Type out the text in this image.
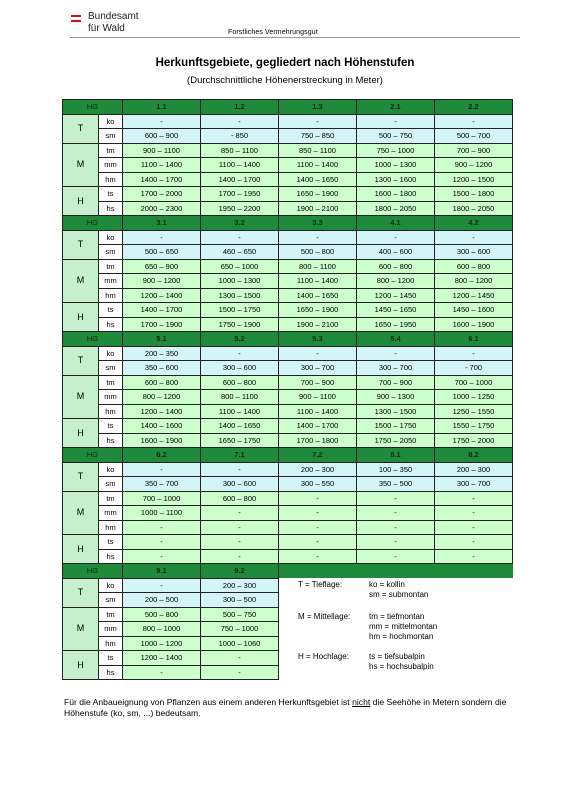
Bundesamt
für Wald	Forstliches Vermehrungsgut
Herkunftsgebiete, gegliedert nach Höhenstufen
(Durchschnittliche Höhenerstreckung in Meter)
HG		1.1	1.2	1.3	2.1	2.2
T	ko	-	-	-	-	-
	sm	600 – 900	- 850	750 – 850	500 – 750	500 – 700
M	tm	900 – 1100	850 – 1100	850 – 1100	750 – 1000	700 – 900
	mm	1100 – 1400	1100 – 1400	1100 – 1400	1000 – 1300	900 – 1200
	hm	1400 – 1700	1400 – 1700	1400 – 1650	1300 – 1600	1200 – 1500
H	ts	1700 – 2000	1700 – 1950	1650 – 1900	1600 – 1800	1500 – 1800
	hs	2000 – 2300	1950 – 2200	1900 – 2100	1800 – 2050	1800 – 2050
HG		3.1	3.2	3.3	4.1	4.2
T	ko	-	-	-	-	-
	sm	500 – 650	460 – 650	500 – 800	400 – 600	300 – 600
M	tm	650 – 900	650 – 1000	800 – 1100	600 – 800	600 – 800
	mm	900 – 1200	1000 – 1300	1100 – 1400	800 – 1200	800 – 1200
	hm	1200 – 1400	1300 – 1500	1400 – 1650	1200 – 1450	1200 – 1450
H	ts	1400 – 1700	1500 – 1750	1650 – 1900	1450 – 1650	1450 – 1600
	hs	1700 – 1900	1750 – 1900	1900 – 2100	1650 – 1950	1600 – 1900
HG		5.1	5.2	5.3	5.4	6.1
T	ko	200 – 350	-	-	-	-
	sm	350 – 600	300 – 600	300 – 700	300 – 700	- 700
M	tm	600 – 800	600 – 800	700 – 900	700 – 900	700 – 1000
	mm	800 – 1200	800 – 1100	900 – 1100	900 – 1300	1000 – 1250
	hm	1200 – 1400	1100 – 1400	1100 – 1400	1300 – 1500	1250 – 1550
H	ts	1400 – 1600	1400 – 1650	1400 – 1700	1500 – 1750	1550 – 1750
	hs	1600 – 1900	1650 – 1750	1700 – 1800	1750 – 2050	1750 – 2000
HG		6.2	7.1	7.2	8.1	8.2
T	ko	-	-	200 – 300	100 – 350	200 – 300
	sm	350 – 700	300 – 600	300 – 550	350 – 500	300 – 700
M	tm	700 – 1000	600 – 800	-	-	-
	mm	1000 – 1100	-	-	-	-
	hm	-	-	-	-	-
H	ts	-	-	-	-	-
	hs	-	-	-	-	-
HG		9.1	9.2			
T	ko	-	200 – 300			
	sm	200 – 500	300 – 500			
M	tm	500 – 800	500 – 750			
	mm	800 – 1000	750 – 1000			
	hm	1000 – 1200	1000 – 1060			
H	ts	1200 – 1400	-			
	hs	-	-			
T = Tieflage:	ko = kollin
sm = submontan
M = Mittellage: tm = tiefmontan
mm = mittelmontan
hm = hochmontan
H = Hochlage:	ts = tiefsubalpin
hs = hochsubalpin
Für die Anbaueignung von Pflanzen aus einem anderen Herkunftsgebiet ist nicht die Seehöhe in Metern sondern die Höhenstufe (ko, sm, ...) bedeutsam.
